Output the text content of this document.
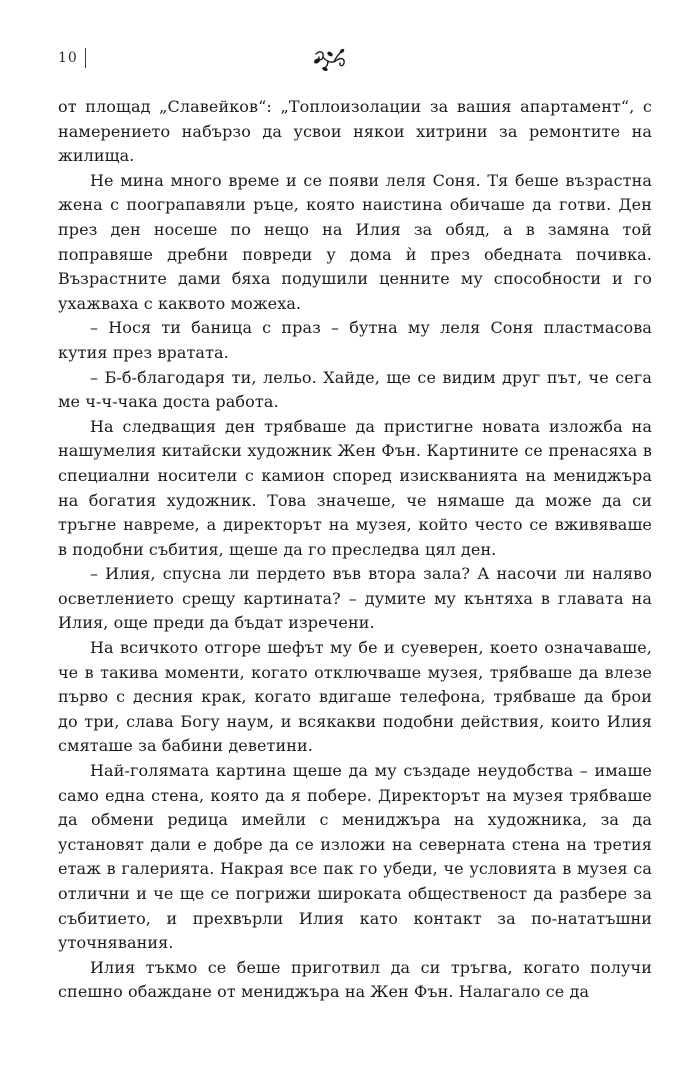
10

от площад „Славейков“: „Топлоизолации за вашия апартамент“, с намерението набързо да усвои някои хитрини за ремонтите на жилища.

Не мина много време и се появи леля Соня. Тя беше възрастна жена с поограпавяли ръце, която наистина обичаше да готви. Ден през ден носеше по нещо на Илия за обяд, а в замяна той поправяше дребни повреди у дома ѝ през обедната почивка. Възрастните дами бяха подушили ценните му способности и го ухажваха с каквото можеха.

– Нося ти баница с праз – бутна му леля Соня пластмасова кутия през вратата.

– Б-б-благодаря ти, лельо. Хайде, ще се видим друг път, че сега ме ч-ч-чака доста работа.

На следващия ден трябваше да пристигне новата изложба на нашумелия китайски художник Жен Фън. Картините се пренасяха в специални носители с камион според изискванията на мениджъра на богатия художник. Това значеше, че нямаше да може да си тръгне навреме, а директорът на музея, който често се вживяваше в подобни събития, щеше да го преследва цял ден.

– Илия, спусна ли пердето във втора зала? А насочи ли наляво осветлението срещу картината? – думите му кънтяха в главата на Илия, още преди да бъдат изречени.

На всичкото отгоре шефът му бе и суеверен, което означаваше, че в такива моменти, когато отключваше музея, трябваше да влезе първо с десния крак, когато вдигаше телефона, трябваше да брои до три, слава Богу наум, и всякакви подобни действия, които Илия смяташе за бабини деветини.

Най-голямата картина щеше да му създаде неудобства – имаше само една стена, която да я побере. Директорът на музея трябваше да обмени редица имейли с мениджъра на художника, за да установят дали е добре да се изложи на северната стена на третия етаж в галерията. Накрая все пак го убеди, че условията в музея са отлични и че ще се погрижи широката общественост да разбере за събитието, и прехвърли Илия като контакт за по-нататъшни уточнявания.

Илия тъкмо се беше приготвил да си тръгва, когато получи спешно обаждане от мениджъра на Жен Фън. Налагало се да
